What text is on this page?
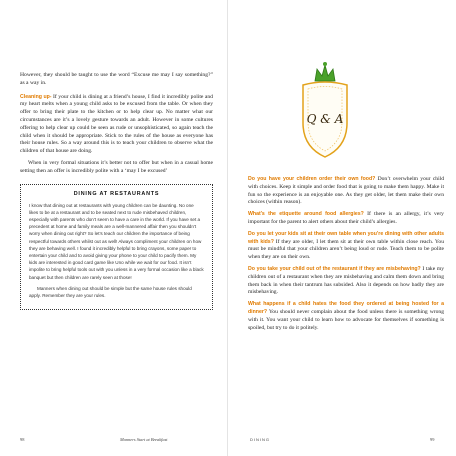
However, they should be taught to use the word “Excuse me may I say something?” as a way in.

Cleaning up- If your child is dining at a friend’s house, I find it incredibly polite and my heart melts when a young child asks to be excused from the table. Or when they offer to bring their plate to the kitchen or to help clear up. No matter what our circumstances are it’s a lovely gesture towards an adult. However in some cultures offering to help clear up could be seen as rude or unsophisticated, so again teach the child when it should be appropriate. Stick to the rules of the house as everyone has their house rules. So a way around this is to teach your children to observe what the children of that house are doing.

When in very formal situations it’s better not to offer but when in a casual home setting then an offer is incredibly polite with a ‘may I be excused’

DINING AT RESTAURANTS

I know that dining out at restaurants with young children can be daunting. No one likes to be at a restaurant and to be seated next to rude misbehaved children, especially with parents who don’t seem to have a care in the world. If you have set a precedent at home and family meals are a well-mannered affair then you shouldn’t worry when dining out right? So let’s teach our children the importance of being respectful towards others whilst out as well! Always compliment your children on how they are behaving well. I found it incredibly helpful to bring crayons, some paper to entertain your child and to avoid giving your phone to your child to pacify them. My kids are interested in good card game like Uno while we wait for our food. It isn’t impolite to bring helpful tools out with you unless in a very formal occasion like a black banquet but then children are rarely seen at those!

Manners when dining out should be simple but the same house rules should apply. Remember they are your rules.

Q & A

Do you have your children order their own food? Don’t overwhelm your child with choices. Keep it simple and order food that is going to make them happy. Make it fun so the experience is an enjoyable one. As they get older, let them make their own choices (within reason).

What’s the etiquette around food allergies? If there is an allergy, it’s very important for the parent to alert others about their child’s allergies.

Do you let your kids sit at their own table when you’re dining with other adults with kids? If they are older, I let them sit at their own table within close reach. You must be mindful that your children aren’t being loud or rude. Teach them to be polite when they are on their own.

Do you take your child out of the restaurant if they are misbehaving? I take my children out of a restaurant when they are misbehaving and calm them down and bring them back in when their tantrum has subsided. Also it depends on how badly they are misbehaving.

What happens if a child hates the food they ordered at being hosted for a dinner? You should never complain about the food unless there is something wrong with it. You want your child to learn how to advocate for themselves if something is spoiled, but try to do it politely.

98	Manners Start at Breakfast	DINING	99
